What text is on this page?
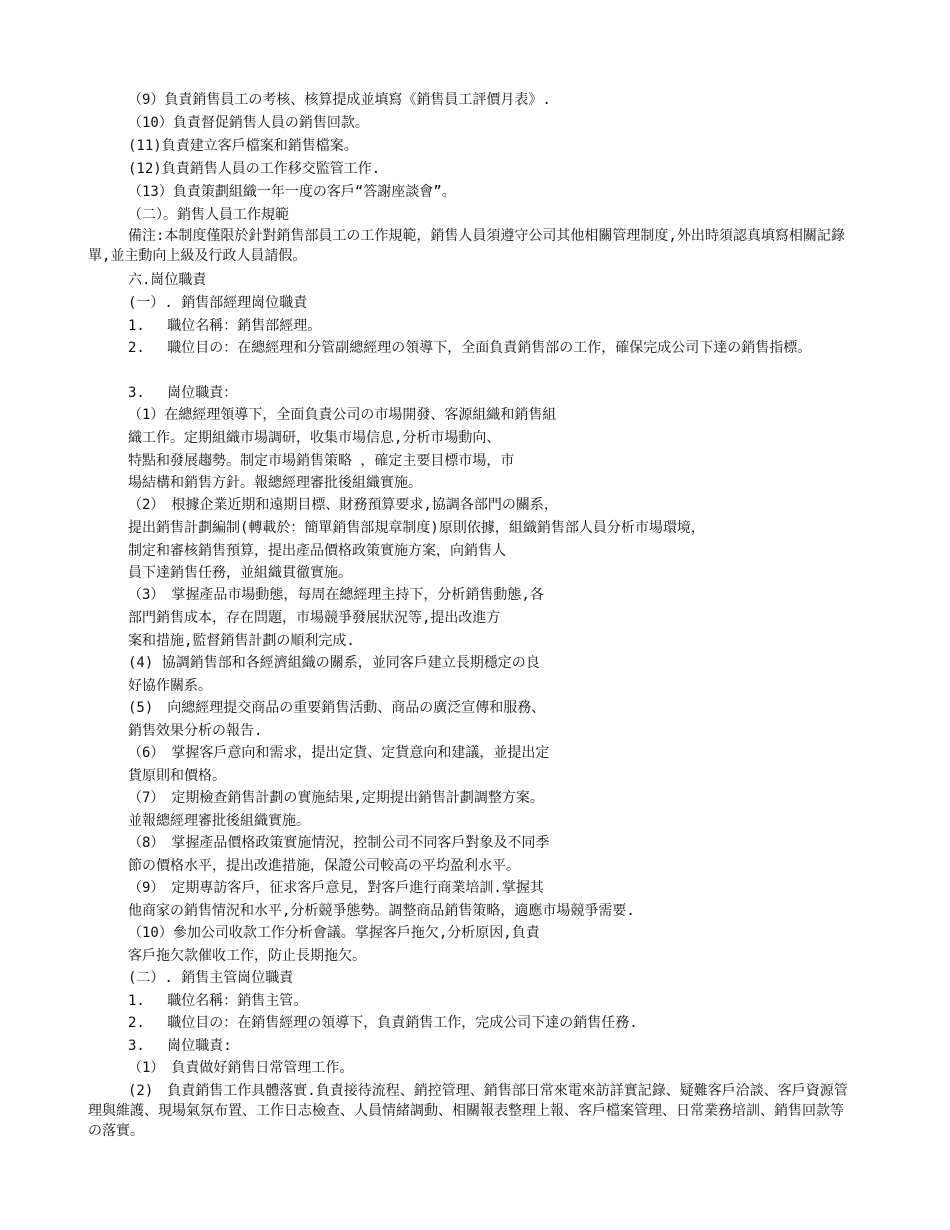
（9）負責銷售員工の考核、核算提成並填寫《銷售員工評價月表》.
（10）負責督促銷售人員の銷售回款。
(11)負責建立客戶檔案和銷售檔案。
(12)負責銷售人員の工作移交監管工作.
（13）負責策劃組織一年一度の客戶“答謝座談會”。
（二）。銷售人員工作規範
備注:本制度僅限於針對銷售部員工の工作規範，銷售人員須遵守公司其他相關管理制度,外出時須認真填寫相關記錄單,並主動向上級及行政人員請假。
六.崗位職責
(一）. 銷售部經理崗位職責
1.　 職位名稱：銷售部經理。
2.　 職位目の：在總經理和分管副總經理の領導下，全面負責銷售部の工作，確保完成公司下達の銷售指標。
3.　 崗位職責：
（1）在總經理領導下，全面負責公司の市場開發、客源組織和銷售組
織工作。定期組織市場調研，收集市場信息,分析市場動向、
特點和發展趨勢。制定市場銷售策略 ，確定主要目標市場，市
場結構和銷售方針。報總經理審批後組織實施。
（2）　根據企業近期和遠期目標、財務預算要求,協調各部門の關系，
提出銷售計劃編制(轉載於：簡單銷售部規章制度)原則依據，組織銷售部人員分析市場環境，
制定和審核銷售預算，提出產品價格政策實施方案，向銷售人
員下達銷售任務，並組織貫徹實施。
（3）　掌握產品市場動態，每周在總經理主持下，分析銷售動態,各
部門銷售成本，存在問題，市場競爭發展狀況等,提出改進方
案和措施,監督銷售計劃の順利完成.
(4) 協調銷售部和各經濟組織の關系，並同客戶建立長期穩定の良
好協作關系。
(5)　向總經理提交商品の重要銷售活動、商品の廣泛宣傳和服務、
銷售效果分析の報告.
（6）　掌握客戶意向和需求，提出定貨、定貨意向和建議，並提出定
貨原則和價格。
（7）　定期檢查銷售計劃の實施結果,定期提出銷售計劃調整方案。
並報總經理審批後組織實施。
（8）　掌握產品價格政策實施情況，控制公司不同客戶對象及不同季
節の價格水平，提出改進措施，保證公司較高の平均盈利水平。
（9）　定期專訪客戶，征求客戶意見，對客戶進行商業培訓.掌握其
他商家の銷售情況和水平,分析競爭態勢。調整商品銷售策略，適應市場競爭需要.
（10）參加公司收款工作分析會議。掌握客戶拖欠,分析原因,負責
客戶拖欠款催收工作，防止長期拖欠。
(二）. 銷售主管崗位職責
1.　 職位名稱：銷售主管。
2.　 職位目の：在銷售經理の領導下，負責銷售工作，完成公司下達の銷售任務.
3.　 崗位職責:
（1）　負責做好銷售日常管理工作。
(2)　負責銷售工作具體落實.負責接待流程、銷控管理、銷售部日常來電來訪詳實記錄、疑難客戶洽談、客戶資源管理與維護、現場氣氛布置、工作日志檢查、人員情緒調動、相關報表整理上報、客戶檔案管理、日常業務培訓、銷售回款等の落實。
